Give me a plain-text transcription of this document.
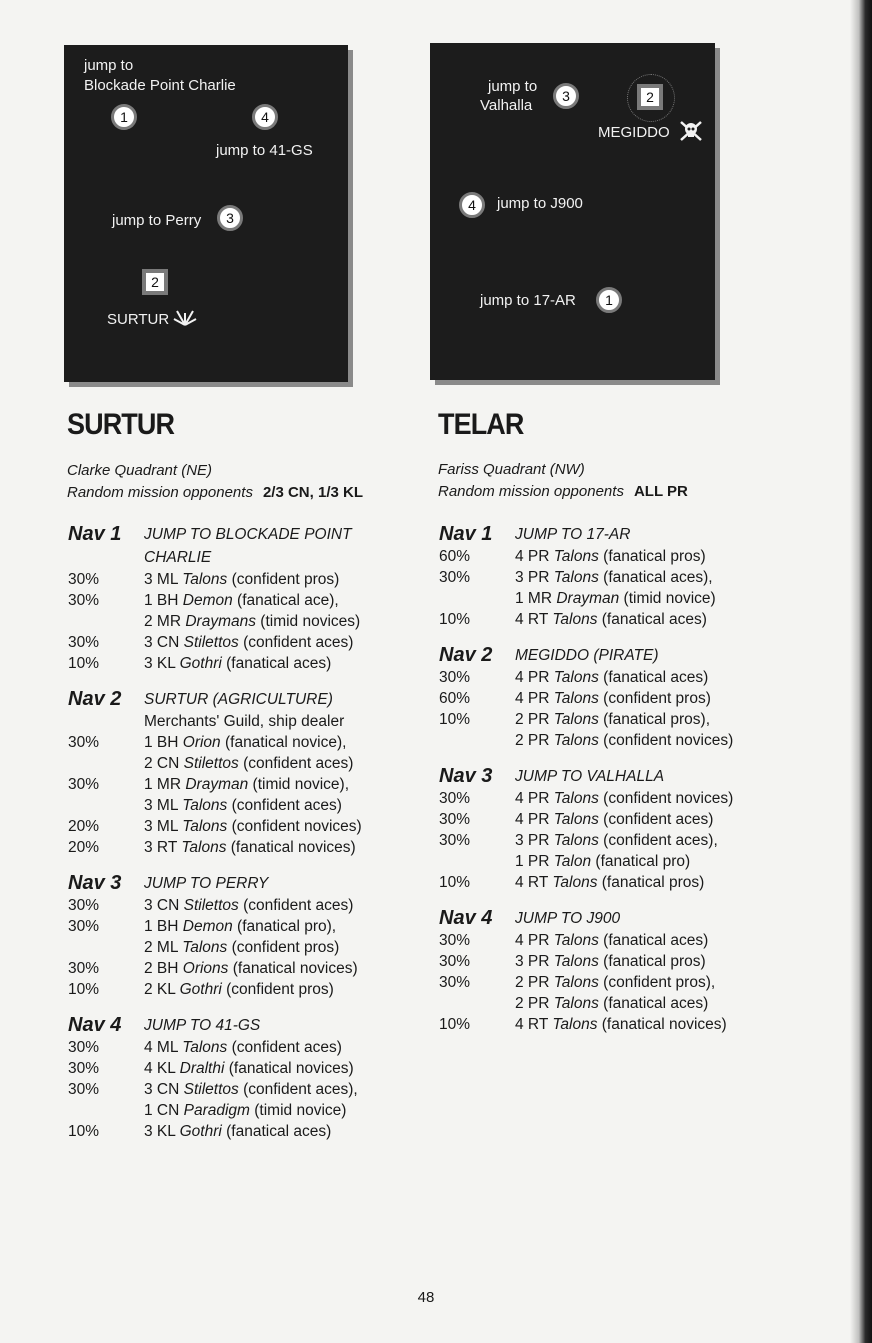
jump to
Blockade Point Charlie
1	4
jump to 41-GS
jump to Perry	3
2
SURTUR
jump to
Valhalla
3	2
MEGIDDO
4	jump to J900
jump to 17-AR	1
SURTUR
Clarke Quadrant (NE)
Random mission opponents 2/3 CN, 1/3 KL
TELAR
Fariss Quadrant (NW)
Random mission opponents ALL PR
Nav 1 JUMP TO BLOCKADE POINT
CHARLIE
30%	3 ML Talons (confident pros)
30%	1 BH Demon (fanatical ace),
2 MR Draymans (timid novices)
30%	3 CN Stilettos (confident aces)
10%	3 KL Gothri (fanatical aces)
Nav 2 SURTUR (AGRICULTURE)
Merchants' Guild, ship dealer
30%	1 BH Orion (fanatical novice),
2 CN Stilettos (confident aces)
30%	1 MR Drayman (timid novice),
3 ML Talons (confident aces)
20%	3 ML Talons (confident novices)
20%	3 RT Talons (fanatical novices)
Nav 3 JUMP TO PERRY
30%	3 CN Stilettos (confident aces)
30%	1 BH Demon (fanatical pro),
2 ML Talons (confident pros)
30%	2 BH Orions (fanatical novices)
10%	2 KL Gothri (confident pros)
Nav 4 JUMP TO 41-GS
30%	4 ML Talons (confident aces)
30%	4 KL Dralthi (fanatical novices)
30%	3 CN Stilettos (confident aces),
1 CN Paradigm (timid novice)
10%	3 KL Gothri (fanatical aces)
Nav 1 JUMP TO 17-AR
60%	4 PR Talons (fanatical pros)
30%	3 PR Talons (fanatical aces),
1 MR Drayman (timid novice)
10%	4 RT Talons (fanatical aces)
Nav 2 MEGIDDO (PIRATE)
30%	4 PR Talons (fanatical aces)
60%	4 PR Talons (confident pros)
10%	2 PR Talons (fanatical pros),
2 PR Talons (confident novices)
Nav 3 JUMP TO VALHALLA
30%	4 PR Talons (confident novices)
30%	4 PR Talons (confident aces)
30%	3 PR Talons (confident aces),
1 PR Talon (fanatical pro)
10%	4 RT Talons (fanatical pros)
Nav 4 JUMP TO J900
30%	4 PR Talons (fanatical aces)
30%	3 PR Talons (fanatical pros)
30%	2 PR Talons (confident pros),
2 PR Talons (fanatical aces)
10%	4 RT Talons (fanatical novices)
48
